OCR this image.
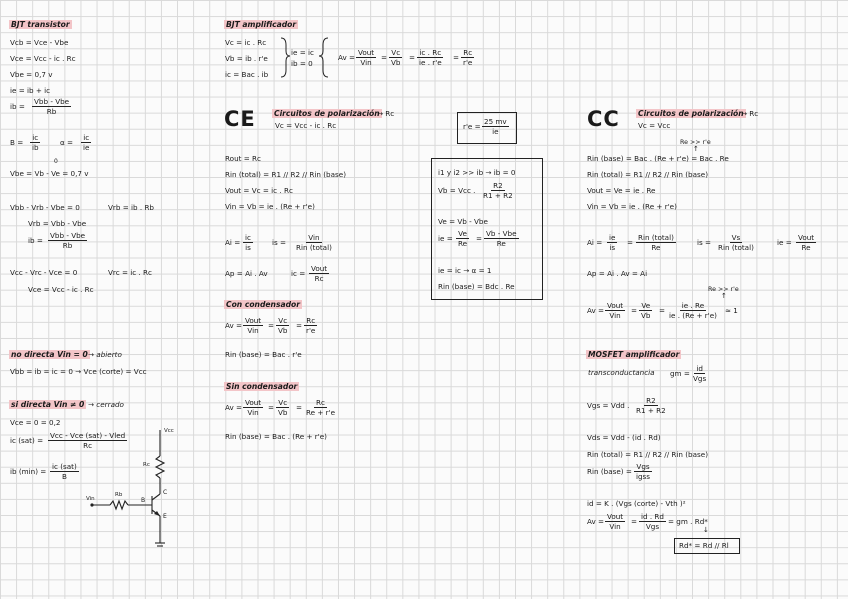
BJT transistor
Vcb = Vce - Vbe
Vce = Vcc - ic . Rc
Vbe = 0,7 v
ie = ib + ic
ib =
Vbb - Vbe
Rb
B =
ic
ib
α =
ic
ie
0
Vbe = Vb - Ve = 0,7 v
Vbb - Vrb - Vbe = 0	Vrb = ib . Rb
Vrb = Vbb - Vbe
ib =
Vbb - Vbe
Rb
Vcc - Vrc - Vce = 0	Vrc = ic . Rc
Vce = Vcc - ic . Rc
no directa Vin = 0 → abierto
Vbb = ib = ic = 0 → Vce (corte) = Vcc
si directa Vin ≠ 0 → cerrado
Vce = 0 = 0,2
ic (sat) =
Vcc - Vce (sat) - Vled
Rc
ib (min) =
ic (sat)
B
Vcc
Rc
C
Vin
Rb
B
E
BJT amplificador
Vc = ic . Rc
Vb = ib . r'e
ic = Bac . ib
ie = ic
ib = 0
Av =
Vout
Vin
=
Vc
Vb
=
ic . Rc
ie . r'e
=
Rc
r'e
CE Circuitos de polarización
→ Rc
Vc = Vcc - ic . Rc	r'e =
25 mv
ie
Rout = Rc
Rin (total) = R1 // R2 // Rin (base)
Vout = Vc = ic . Rc
Vin = Vb = ie . (Re + r'e)
Ai =
ic
is
is =
Vin
Rin (total)
Ap = Ai . Av	ic =
Vout
Rc
Con condensador
Av =
Vout
Vin
=
Vc
Vb
=
Rc
r'e
Rin (base) = Bac . r'e
Sin condensador
Av =
Vout
Vin
=
Vc
Vb
=
Rc
Re + r'e
Rin (base) = Bac . (Re + r'e)
i1 y i2 >> ib → ib = 0
Vb = Vcc .
R2
R1 + R2
Ve = Vb - Vbe
ie =
Ve
Re
=
Vb - Vbe
Re
ie = ic → α = 1
Rin (base) = Bdc . Re
CC Circuitos de polarización
→ Rc
Vc = Vcc
Re >> r'e
↑
Rin (base) = Bac . (Re + r'e) = Bac . Re
Rin (total) = R1 // R2 // Rin (base)
Vout = Ve = ie . Re
Vin = Vb = ie . (Re + r'e)
Ai =
ie
is
=
Rin (total)
Re
is =
Vs
Rin (total)
ie =
Vout
Re
Ap = Ai . Av = Ai
Re >> r'e
↑
Av =
Vout
Vin
=
Ve
Vb
=
ie . Re
ie . (Re + r'e)
≈ 1
MOSFET amplificador
transconductancia gm =
id
Vgs
Vgs = Vdd .
R2
R1 + R2
Vds = Vdd - (id . Rd)
Rin (total) = R1 // R2 // Rin (base)
Rin (base) =
Vgs
igss
id = K . (Vgs (corte) - Vth )²
Av =
Vout
Vin
=
id . Rd
Vgs
= gm . Rd*
↓
Rd* = Rd // Rl
